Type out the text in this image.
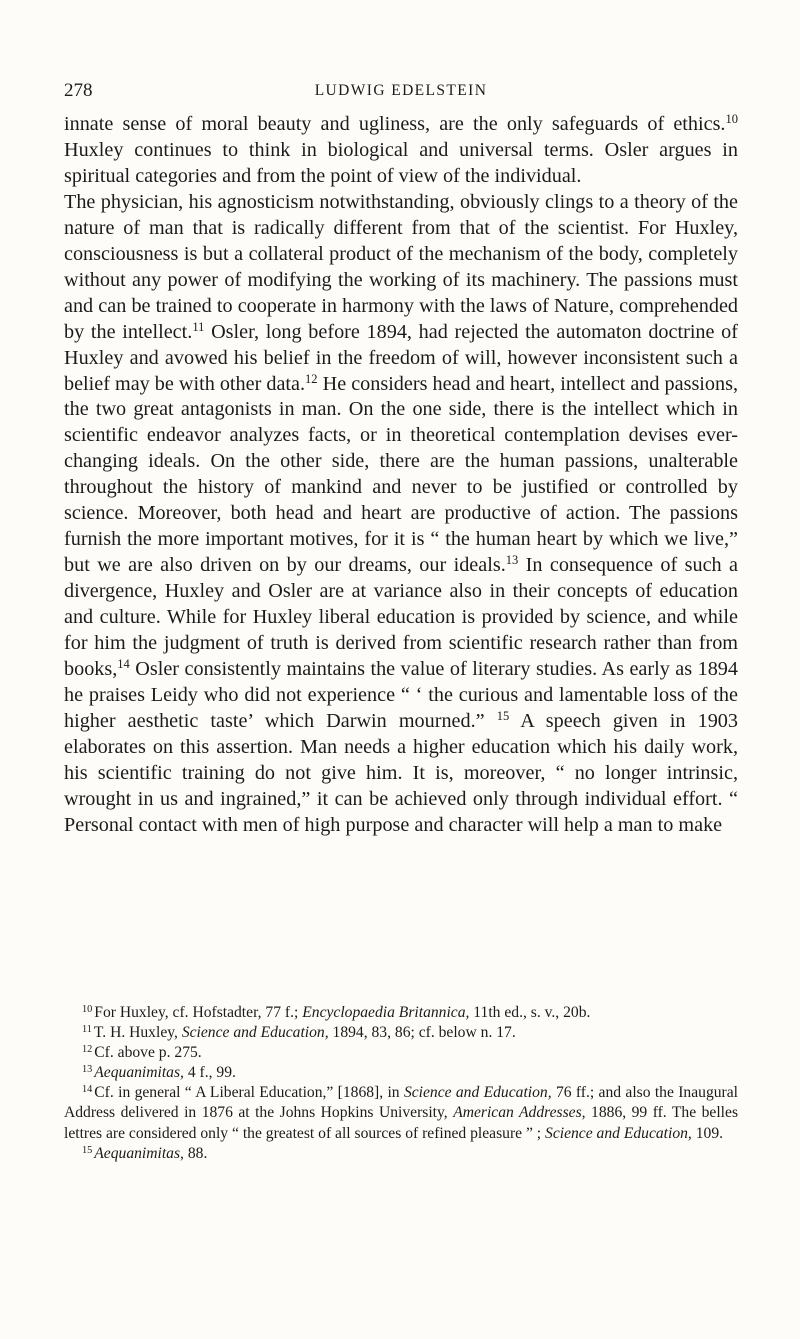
278	LUDWIG EDELSTEIN

innate sense of moral beauty and ugliness, are the only safeguards of ethics.$^{10}$ Huxley continues to think in biological and universal terms. Osler argues in spiritual categories and from the point of view of the individual.

The physician, his agnosticism notwithstanding, obviously clings to a theory of the nature of man that is radically different from that of the scientist. For Huxley, consciousness is but a collateral product of the mechanism of the body, completely without any power of modifying the working of its machinery. The passions must and can be trained to cooperate in harmony with the laws of Nature, comprehended by the intellect.$^{11}$ Osler, long before 1894, had rejected the automaton doctrine of Huxley and avowed his belief in the freedom of will, however inconsistent such a belief may be with other data.$^{12}$ He considers head and heart, intellect and passions, the two great antagonists in man. On the one side, there is the intellect which in scientific endeavor analyzes facts, or in theoretical contemplation devises ever-changing ideals. On the other side, there are the human passions, unalterable throughout the history of mankind and never to be justified or controlled by science. Moreover, both head and heart are productive of action. The passions furnish the more important motives, for it is “ the human heart by which we live,” but we are also driven on by our dreams, our ideals.$^{13}$ In consequence of such a divergence, Huxley and Osler are at variance also in their concepts of education and culture. While for Huxley liberal education is provided by science, and while for him the judgment of truth is derived from scientific research rather than from books,$^{14}$ Osler consistently maintains the value of literary studies. As early as 1894 he praises Leidy who did not experience “ ‘ the curious and lamentable loss of the higher aesthetic taste’ which Darwin mourned.” $^{15}$ A speech given in 1903 elaborates on this assertion. Man needs a higher education which his daily work, his scientific training do not give him. It is, moreover, “ no longer intrinsic, wrought in us and ingrained,” it can be achieved only through individual effort. “ Personal contact with men of high purpose and character will help a man to make

$^{10}$ For Huxley, cf. Hofstadter, 77 f.; Encyclopaedia Britannica, 11th ed., s. v., 20b.

$^{11}$ T. H. Huxley, Science and Education, 1894, 83, 86; cf. below n. 17.

$^{12}$ Cf. above p. 275.

$^{13}$ Aequanimitas, 4 f., 99.

$^{14}$ Cf. in general “ A Liberal Education,” [1868], in Science and Education, 76 ff.; and also the Inaugural Address delivered in 1876 at the Johns Hopkins University, American Addresses, 1886, 99 ff. The belles lettres are considered only “ the greatest of all sources of refined pleasure ” ; Science and Education, 109.

$^{15}$ Aequanimitas, 88.
